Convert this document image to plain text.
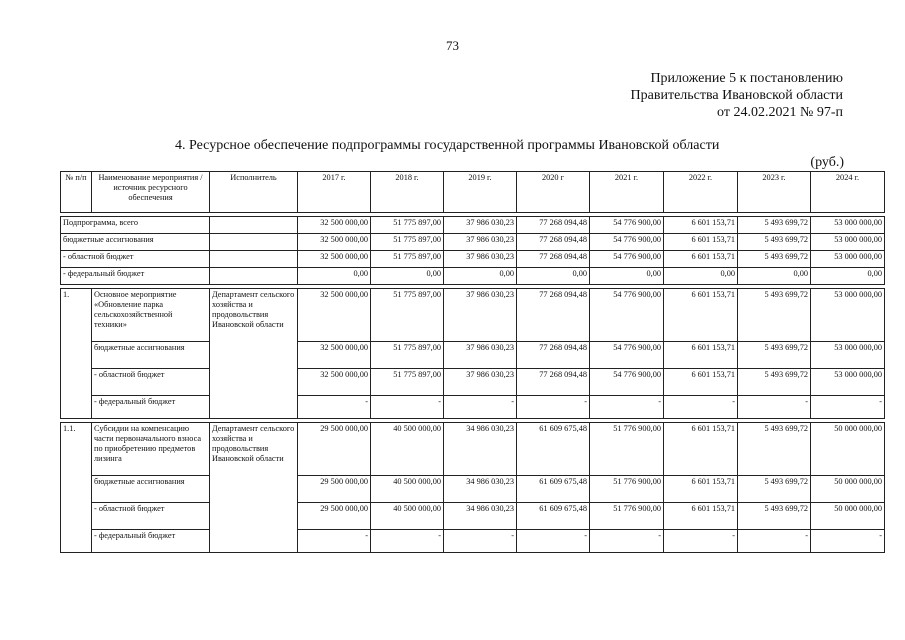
73
Приложение 5 к постановлению
Правительства Ивановской области
от 24.02.2021 № 97-п
4. Ресурсное обеспечение подпрограммы государственной программы Ивановской области
(руб.)
№ п/п	Наименование мероприятия / источник ресурсного обеспечения	Исполнитель	2017 г.	2018 г.	2019 г.	2020 г	2021 г.	2022 г.	2023 г.	2024 г.

Подпрограмма, всего			32 500 000,00	51 775 897,00	37 986 030,23	77 268 094,48	54 776 900,00	6 601 153,71	5 493 699,72	53 000 000,00
бюджетные ассигнования			32 500 000,00	51 775 897,00	37 986 030,23	77 268 094,48	54 776 900,00	6 601 153,71	5 493 699,72	53 000 000,00
- областной бюджет			32 500 000,00	51 775 897,00	37 986 030,23	77 268 094,48	54 776 900,00	6 601 153,71	5 493 699,72	53 000 000,00
- федеральный бюджет			0,00	0,00	0,00	0,00	0,00	0,00	0,00	0,00

1.	Основное мероприятие «Обновление парка сельскохозяйственной техники»	Департамент сельского хозяйства и продовольствия Ивановской области	32 500 000,00	51 775 897,00	37 986 030,23	77 268 094,48	54 776 900,00	6 601 153,71	5 493 699,72	53 000 000,00
	бюджетные ассигнования		32 500 000,00	51 775 897,00	37 986 030,23	77 268 094,48	54 776 900,00	6 601 153,71	5 493 699,72	53 000 000,00
	- областной бюджет		32 500 000,00	51 775 897,00	37 986 030,23	77 268 094,48	54 776 900,00	6 601 153,71	5 493 699,72	53 000 000,00
	- федеральный бюджет		-	-	-	-	-	-	-	-

1.1.	Субсидии на компенсацию части первоначального взноса по приобретению предметов лизинга	Департамент сельского хозяйства и продовольствия Ивановской области	29 500 000,00	40 500 000,00	34 986 030,23	61 609 675,48	51 776 900,00	6 601 153,71	5 493 699,72	50 000 000,00
	бюджетные ассигнования		29 500 000,00	40 500 000,00	34 986 030,23	61 609 675,48	51 776 900,00	6 601 153,71	5 493 699,72	50 000 000,00
	- областной бюджет		29 500 000,00	40 500 000,00	34 986 030,23	61 609 675,48	51 776 900,00	6 601 153,71	5 493 699,72	50 000 000,00
	- федеральный бюджет		-	-	-	-	-	-	-	-
